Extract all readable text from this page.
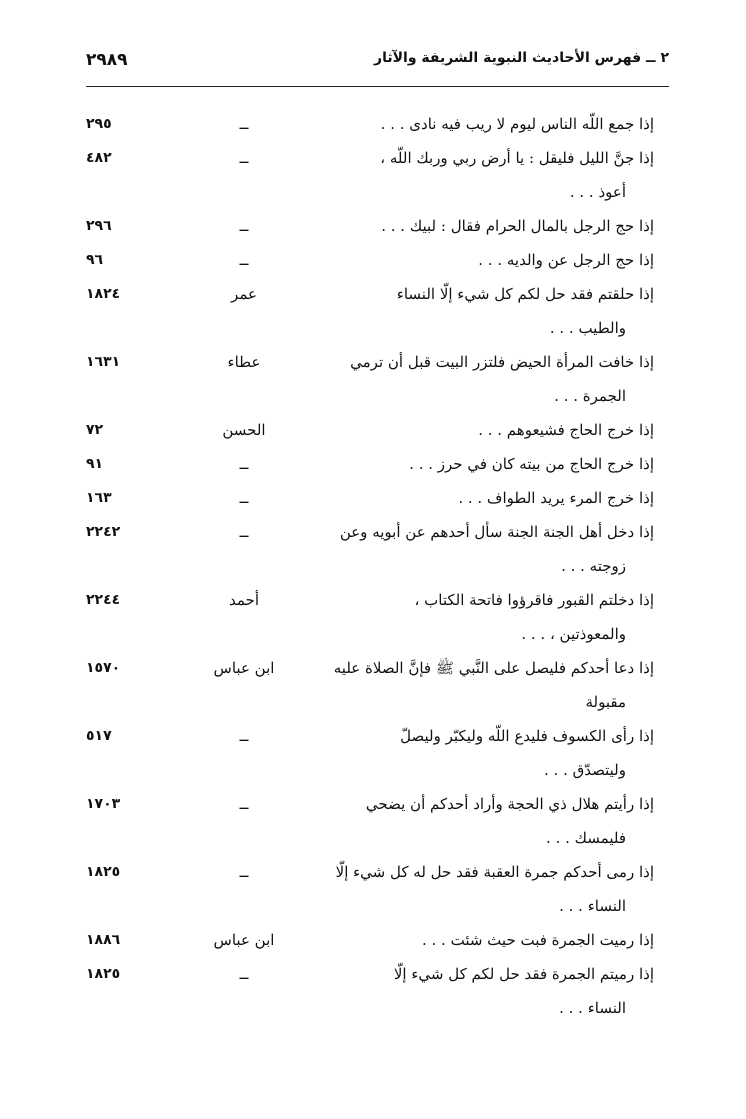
٢٩٨٩	٢ ــ فهرس الأحاديث النبوية الشريفة والآثار
٢٩٥	ــ	إذا جمع اللّه الناس ليوم لا ريب فيه نادى . . .
٤٨٢	ــ	إذا جنَّ الليل فليقل : يا أرض ربي وربك اللّه ،
أعوذ . . .
٢٩٦	ــ	إذا حج الرجل بالمال الحرام فقال : لبيك . . .
٩٦	ــ	إذا حج الرجل عن والديه . . .
١٨٢٤	عمر	إذا حلقتم فقد حل لكم كل شيء إلّا النساء
والطيب . . .
١٦٣١	عطاء	إذا خافت المرأة الحيض فلتزر البيت قبل أن ترمي
الجمرة . . .
٧٢	الحسن	إذا خرج الحاج فشيعوهم . . .
٩١	ــ	إذا خرج الحاج من بيته كان في حرز . . .
١٦٣	ــ	إذا خرج المرء يريد الطواف . . .
٢٢٤٢	ــ	إذا دخل أهل الجنة الجنة سأل أحدهم عن أبويه وعن
زوجته . . .
٢٢٤٤	أحمد	إذا دخلتم القبور فاقرؤوا فاتحة الكتاب ،
والمعوذتين ، . . .
١٥٧٠	ابن عباس	إذا دعا أحدكم فليصل على النَّبي ﷺ فإنَّ الصلاة عليه
مقبولة
٥١٧	ــ	إذا رأى الكسوف فليدع اللّه وليكبّر وليصلّ
وليتصدّق . . .
١٧٠٣	ــ	إذا رأيتم هلال ذي الحجة وأراد أحدكم أن يضحي
فليمسك . . .
١٨٢٥	ــ	إذا رمى أحدكم جمرة العقبة فقد حل له كل شيء إلّا
النساء . . .
١٨٨٦	ابن عباس	إذا رميت الجمرة فبت حيث شئت . . .
١٨٢٥	ــ	إذا رميتم الجمرة فقد حل لكم كل شيء إلّا
النساء . . .
